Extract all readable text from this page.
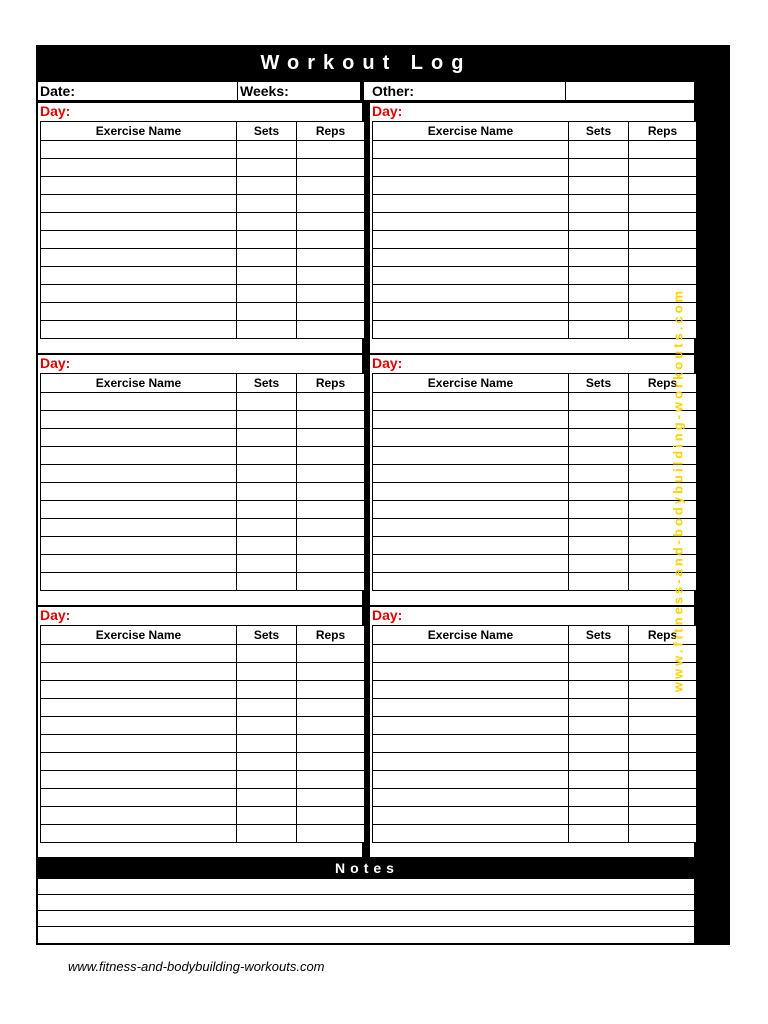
Workout Log
Date:	Weeks:	Other:
Day:
Exercise Name	Sets	Reps

Day:
Exercise Name	Sets	Reps

Day:
Exercise Name	Sets	Reps

Day:
Exercise Name	Sets	Reps

Day:
Exercise Name	Sets	Reps

Day:
Exercise Name	Sets	Reps

Notes
www.fitness-and-bodybuilding-workouts.com
www.fitness-and-bodybuilding-workouts.com
